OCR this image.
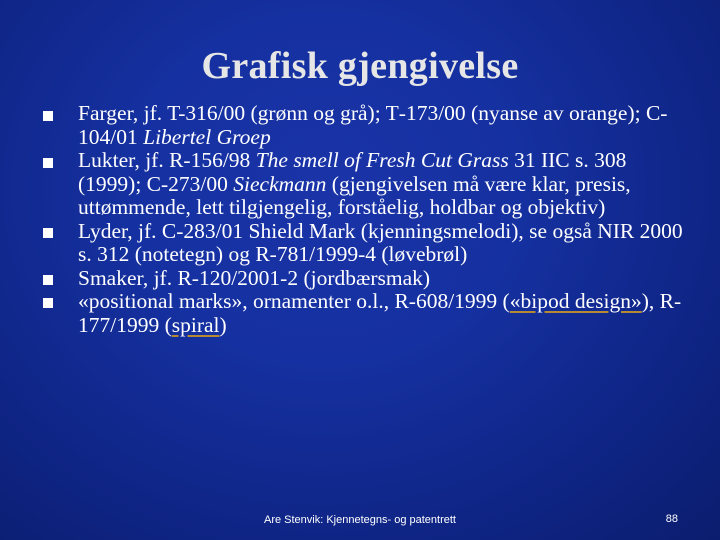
Grafisk gjengivelse
Farger, jf. T-316/00 (grønn og grå); T‑173/00 (nyanse av orange); C-104/01 Libertel Groep
Lukter, jf. R-156/98 The smell of Fresh Cut Grass 31 IIC s. 308 (1999); C-273/00 Sieckmann (gjengivelsen må være klar, presis, uttømmende, lett tilgjengelig, forståelig, holdbar og objektiv)
Lyder, jf. C-283/01 Shield Mark (kjenningsmelodi), se også NIR 2000 s. 312 (notetegn) og R-781/1999-4 (løvebrøl)
Smaker, jf. R-120/2001-2 (jordbærsmak)
«positional marks», ornamenter o.l., R-608/1999 («bipod design»), R-177/1999 (spiral)
Are Stenvik: Kjennetegns- og patentrett	88
